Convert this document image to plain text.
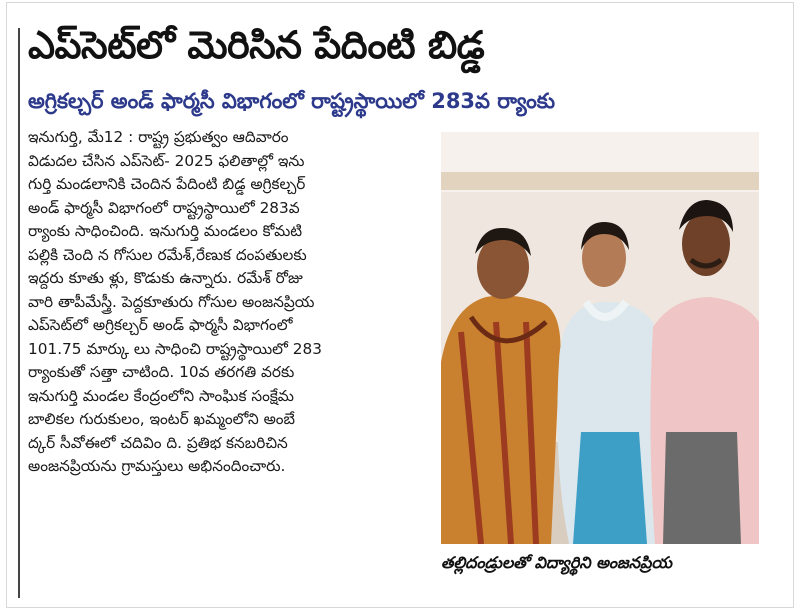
ఎప్‌సెట్‌లో మెరిసిన పేదింటి బిడ్డ
అగ్రికల్చర్ అండ్ ఫార్మసీ విభాగంలో రాష్ట్రస్థాయిలో 283వ ర్యాంకు
ఇనుగుర్తి, మే12 : రాష్ట్ర ప్రభుత్వం ఆదివారం
విడుదల చేసిన ఎప్‌సెట్- 2025 ఫలితాల్లో ఇను
గుర్తి మండలానికి చెందిన పేదింటి బిడ్డ అగ్రికల్చర్
అండ్ ఫార్మసీ విభాగంలో రాష్ట్రస్థాయిలో 283వ
ర్యాంకు సాధించింది. ఇనుగుర్తి మండలం కోమటి
పల్లికి చెంది న గోసుల రమేశ్,రేణుక దంపతులకు
ఇద్దరు కూతు ళ్లు, కొడుకు ఉన్నారు. రమేశ్ రోజు
వారి తాపీమేస్త్రీ. పెద్దకూతురు గోసుల అంజనప్రియ
ఎప్‌సెట్‌లో అగ్రికల్చర్ అండ్ ఫార్మసీ విభాగంలో
101.75 మార్కు లు సాధించి రాష్ట్రస్థాయిలో 283
ర్యాంకుతో సత్తా చాటింది. 10వ తరగతి వరకు
ఇనుగుర్తి మండల కేంద్రంలోని సాంఘిక సంక్షేమ
బాలికల గురుకులం, ఇంటర్ ఖమ్మంలోని అంబే
ద్కర్ సీవోఈలో చదివిం ది. ప్రతిభ కనబరిచిన
అంజనప్రియను గ్రామస్తులు అభినందించారు.
తల్లిదండ్రులతో విద్యార్థిని అంజనప్రియ
